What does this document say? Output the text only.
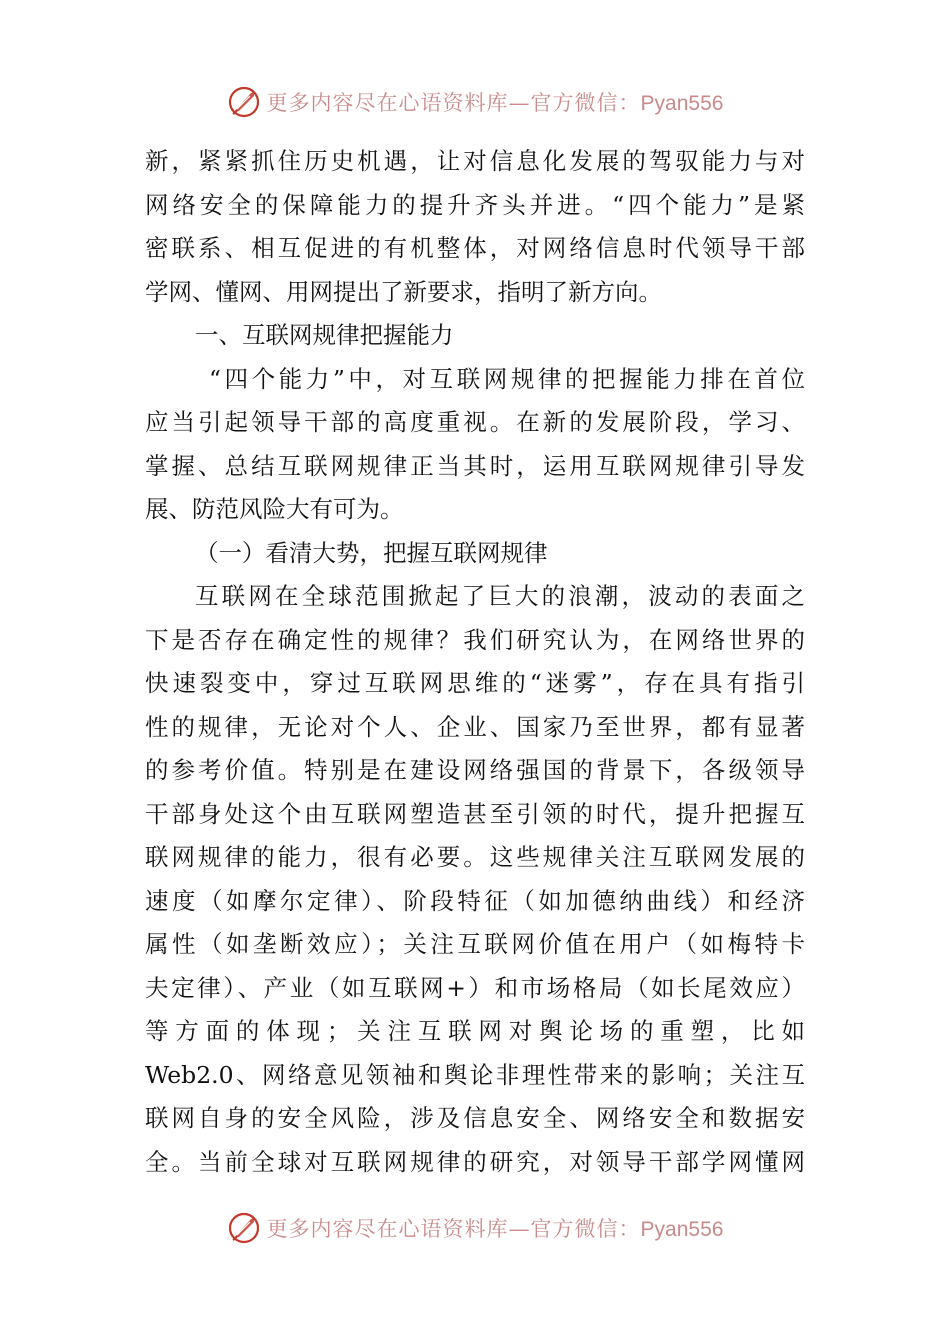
更多内容尽在心语资料库—官方微信：Pyan556
新，紧紧抓住历史机遇，让对信息化发展的驾驭能力与对
网络安全的保障能力的提升齐头并进。“四个能力”是紧
密联系、相互促进的有机整体，对网络信息时代领导干部
学网、懂网、用网提出了新要求，指明了新方向。
一、互联网规律把握能力
“四个能力”中，对互联网规律的把握能力排在首位
应当引起领导干部的高度重视。在新的发展阶段，学习、
掌握、总结互联网规律正当其时，运用互联网规律引导发
展、防范风险大有可为。
（一）看清大势，把握互联网规律
互联网在全球范围掀起了巨大的浪潮，波动的表面之
下是否存在确定性的规律？我们研究认为，在网络世界的
快速裂变中，穿过互联网思维的“迷雾”，存在具有指引
性的规律，无论对个人、企业、国家乃至世界，都有显著
的参考价值。特别是在建设网络强国的背景下，各级领导
干部身处这个由互联网塑造甚至引领的时代，提升把握互
联网规律的能力，很有必要。这些规律关注互联网发展的
速度（如摩尔定律）、阶段特征（如加德纳曲线）和经济
属性（如垄断效应）；关注互联网价值在用户（如梅特卡
夫定律）、产业（如互联网+）和市场格局（如长尾效应）
等方面的体现；关注互联网对舆论场的重塑，比如
Web2.0、网络意见领袖和舆论非理性带来的影响；关注互
联网自身的安全风险，涉及信息安全、网络安全和数据安
全。当前全球对互联网规律的研究，对领导干部学网懂网
更多内容尽在心语资料库—官方微信：Pyan556
